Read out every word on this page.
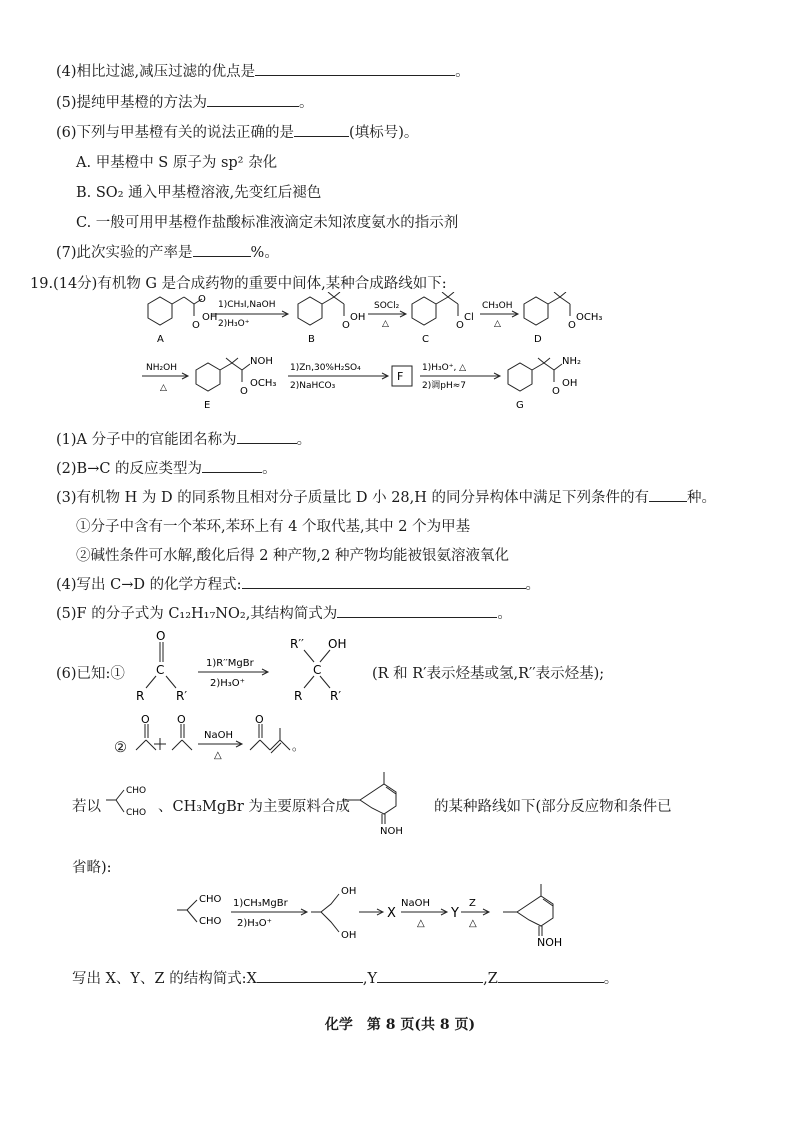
(4)相比过滤,减压过滤的优点是	。
(5)提纯甲基橙的方法为	。
(6)下列与甲基橙有关的说法正确的是	(填标号)。
A. 甲基橙中 S 原子为 sp² 杂化
B. SO₂ 通入甲基橙溶液,先变红后褪色
C. 一般可用甲基橙作盐酸标准液滴定未知浓度氨水的指示剂
(7)此次实验的产率是	%。
19.(14分)有机物 G 是合成药物的重要中间体,某种合成路线如下:
O
O
OH
A
1)CH₃I,NaOH
2)H₃O⁺	O
OH
B
SOCl₂
△	O
Cl
C
CH₃OH
△	O
OCH₃
D
NH₂OH
△
NOH
O
OCH₃
E
1)Zn,30%H₂SO₄
2)NaHCO₃
F
1)H₃O⁺, △
2)调pH≈7
NH₂
O
OH
G
(1)A 分子中的官能团名称为	。
(2)B→C 的反应类型为	。
(3)有机物 H 为 D 的同系物且相对分子质量比 D 小 28,H 的同分异构体中满足下列条件的有	种。
①分子中含有一个苯环,苯环上有 4 个取代基,其中 2 个为甲基
②碱性条件可水解,酸化后得 2 种产物,2 种产物均能被银氨溶液氧化
(4)写出 C→D 的化学方程式:	。
(5)F 的分子式为 C₁₂H₁₇NO₂,其结构简式为	。
(6)已知:①
O
C
R	R′
1)R′′MgBr
2)H₃O⁺
R′′ OH
C
R R′
(R 和 R′表示烃基或氢,R′′表示烃基);
②
O O
NaOH
△
O
。
若以
CHO
CHO 、CH₃MgBr 为主要原料合成
NOH
的某种路线如下(部分反应物和条件已
省略):
CHO
CHO
1)CH₃MgBr
2)H₃O⁺
OH
OH
X
NaOH
△
Y
Z
△
NOH
写出 X、Y、Z 的结构简式:X	,Y	,Z	。
化学　第 8 页(共 8 页)
